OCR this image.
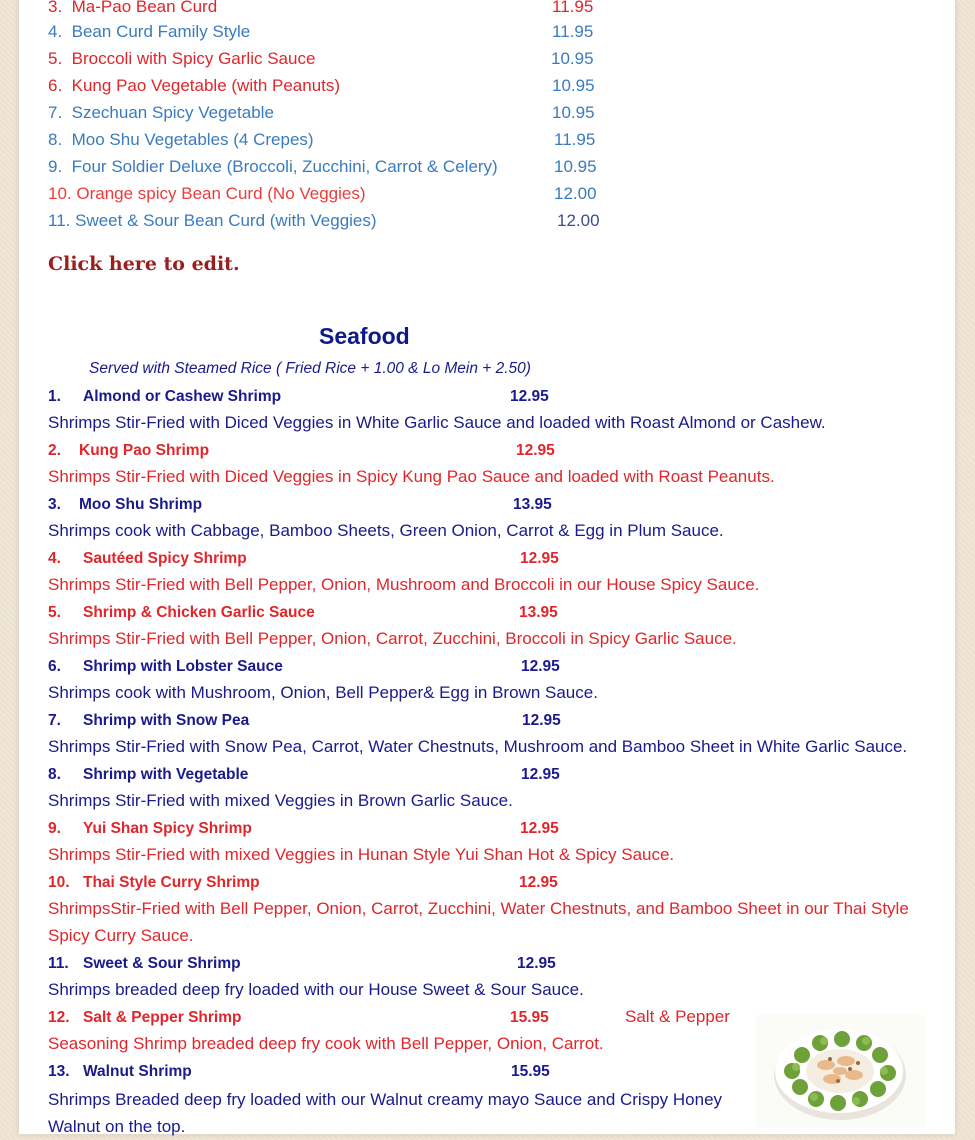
3. Ma-Pao Bean Curd	11.95
4. Bean Curd Family Style	11.95
5. Broccoli with Spicy Garlic Sauce	10.95
6. Kung Pao Vegetable (with Peanuts)	10.95
7. Szechuan Spicy Vegetable	10.95
8. Moo Shu Vegetables (4 Crepes)	11.95
9. Four Soldier Deluxe (Broccoli, Zucchini, Carrot & Celery)	10.95
10. Orange spicy Bean Curd (No Veggies)	12.00
11. Sweet & Sour Bean Curd (with Veggies)	12.00
Click here to edit.
Seafood
Served with Steamed Rice ( Fried Rice + 1.00 & Lo Mein + 2.50)
1. Almond or Cashew Shrimp	12.95
Shrimps Stir-Fried with Diced Veggies in White Garlic Sauce and loaded with Roast Almond or Cashew.
2. Kung Pao Shrimp	12.95
Shrimps Stir-Fried with Diced Veggies in Spicy Kung Pao Sauce and loaded with Roast Peanuts.
3. Moo Shu Shrimp	13.95
Shrimps cook with Cabbage, Bamboo Sheets, Green Onion, Carrot & Egg in Plum Sauce.
4. Sautéed Spicy Shrimp	12.95
Shrimps Stir-Fried with Bell Pepper, Onion, Mushroom and Broccoli in our House Spicy Sauce.
5. Shrimp & Chicken Garlic Sauce	13.95
Shrimps Stir-Fried with Bell Pepper, Onion, Carrot, Zucchini, Broccoli in Spicy Garlic Sauce.
6. Shrimp with Lobster Sauce	12.95
Shrimps cook with Mushroom, Onion, Bell Pepper& Egg in Brown Sauce.
7. Shrimp with Snow Pea	12.95
Shrimps Stir-Fried with Snow Pea, Carrot, Water Chestnuts, Mushroom and Bamboo Sheet in White Garlic Sauce.
8. Shrimp with Vegetable	12.95
Shrimps Stir-Fried with mixed Veggies in Brown Garlic Sauce.
9. Yui Shan Spicy Shrimp	12.95
Shrimps Stir-Fried with mixed Veggies in Hunan Style Yui Shan Hot & Spicy Sauce.
10. Thai Style Curry Shrimp	12.95
ShrimpsStir-Fried with Bell Pepper, Onion, Carrot, Zucchini, Water Chestnuts, and Bamboo Sheet in our Thai Style Spicy Curry Sauce.
11. Sweet & Sour Shrimp	12.95
Shrimps breaded deep fry loaded with our House Sweet & Sour Sauce.
12. Salt & Pepper Shrimp	15.95	Salt & Pepper
Seasoning Shrimp breaded deep fry cook with Bell Pepper, Onion, Carrot.
13. Walnut Shrimp	15.95
Shrimps Breaded deep fry loaded with our Walnut creamy mayo Sauce and Crispy Honey Walnut on the top.
